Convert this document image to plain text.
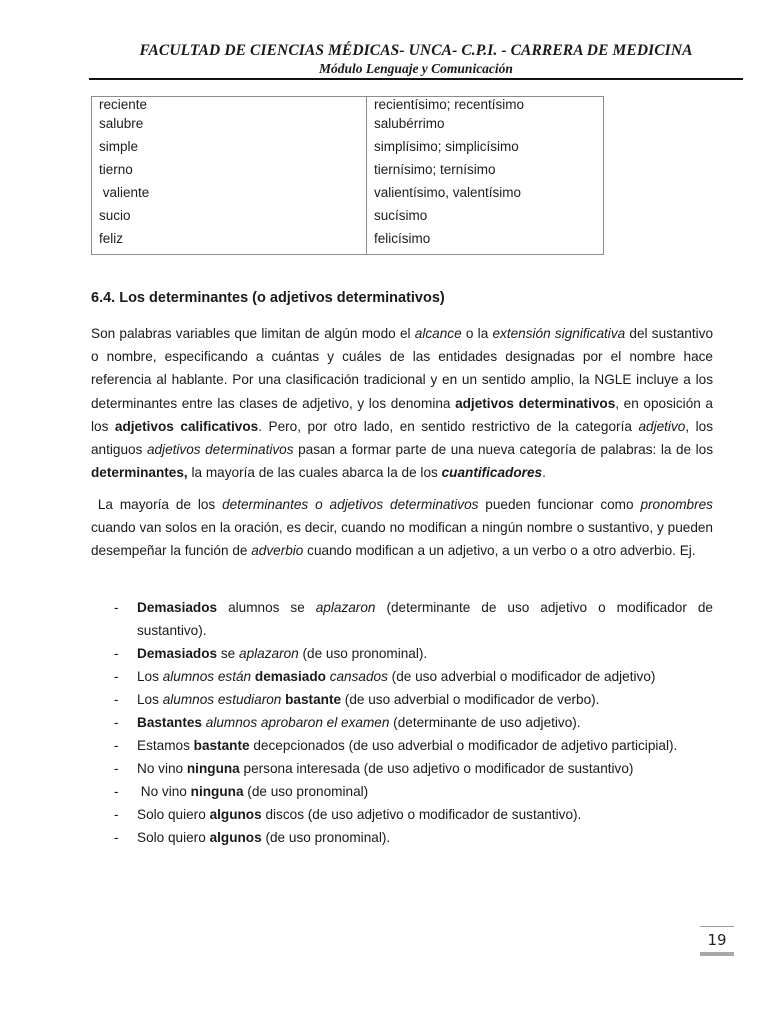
FACULTAD DE CIENCIAS MÉDICAS- UNCA- C.P.I. - CARRERA DE MEDICINA
Módulo Lenguaje y Comunicación
reciente	recientísimo; recentísimo
salubre	salubérrimo
simple	simplísimo; simplicísimo
tierno	tiernísimo; ternísimo
valiente	valientísimo, valentísimo
sucio	sucísimo
feliz	felicísimo
6.4. Los determinantes (o adjetivos determinativos)
Son palabras variables que limitan de algún modo el alcance o la extensión significativa del sustantivo o nombre, especificando a cuántas y cuáles de las entidades designadas por el nombre hace referencia al hablante. Por una clasificación tradicional y en un sentido amplio, la NGLE incluye a los determinantes entre las clases de adjetivo, y los denomina adjetivos determinativos, en oposición a los adjetivos calificativos. Pero, por otro lado, en sentido restrictivo de la categoría adjetivo, los antiguos adjetivos determinativos pasan a formar parte de una nueva categoría de palabras: la de los determinantes, la mayoría de las cuales abarca la de los cuantificadores.
La mayoría de los determinantes o adjetivos determinativos pueden funcionar como pronombres cuando van solos en la oración, es decir, cuando no modifican a ningún nombre o sustantivo, y pueden desempeñar la función de adverbio cuando modifican a un adjetivo, a un verbo o a otro adverbio. Ej.
- Demasiados alumnos se aplazaron (determinante de uso adjetivo o modificador de sustantivo).
- Demasiados se aplazaron (de uso pronominal).
- Los alumnos están demasiado cansados (de uso adverbial o modificador de adjetivo)
- Los alumnos estudiaron bastante (de uso adverbial o modificador de verbo).
- Bastantes alumnos aprobaron el examen (determinante de uso adjetivo).
- Estamos bastante decepcionados (de uso adverbial o modificador de adjetivo participial).
- No vino ninguna persona interesada (de uso adjetivo o modificador de sustantivo)
- No vino ninguna (de uso pronominal)
- Solo quiero algunos discos (de uso adjetivo o modificador de sustantivo).
- Solo quiero algunos (de uso pronominal).
19
